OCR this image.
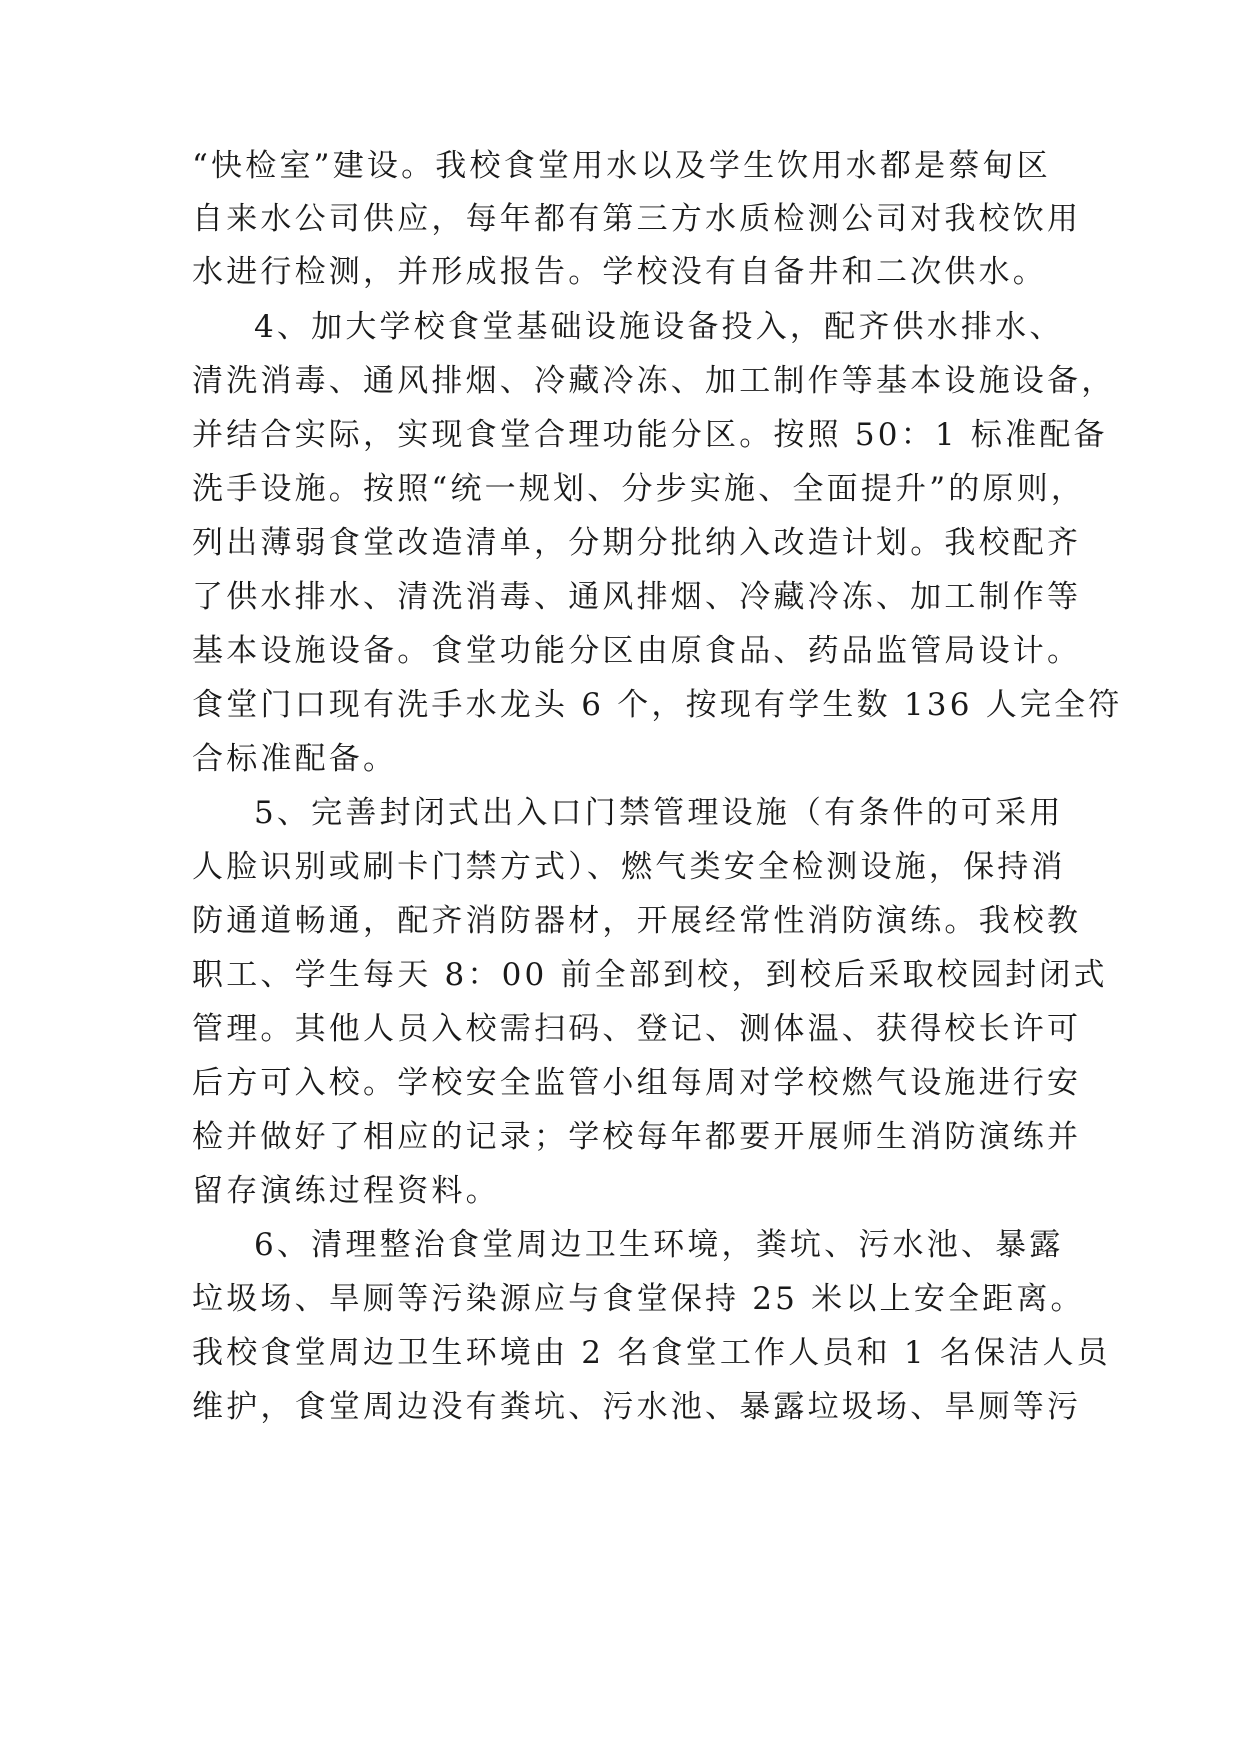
“快检室”建设。我校食堂用水以及学生饮用水都是蔡甸区
自来水公司供应，每年都有第三方水质检测公司对我校饮用
水进行检测，并形成报告。学校没有自备井和二次供水。
4、加大学校食堂基础设施设备投入，配齐供水排水、
清洗消毒、通风排烟、冷藏冷冻、加工制作等基本设施设备，
并结合实际，实现食堂合理功能分区。按照 50：1 标准配备
洗手设施。按照“统一规划、分步实施、全面提升”的原则，
列出薄弱食堂改造清单，分期分批纳入改造计划。我校配齐
了供水排水、清洗消毒、通风排烟、冷藏冷冻、加工制作等
基本设施设备。食堂功能分区由原食品、药品监管局设计。
食堂门口现有洗手水龙头 6 个，按现有学生数 136 人完全符
合标准配备。
5、完善封闭式出入口门禁管理设施（有条件的可采用
人脸识别或刷卡门禁方式）、燃气类安全检测设施，保持消
防通道畅通，配齐消防器材，开展经常性消防演练。我校教
职工、学生每天 8：00 前全部到校，到校后采取校园封闭式
管理。其他人员入校需扫码、登记、测体温、获得校长许可
后方可入校。学校安全监管小组每周对学校燃气设施进行安
检并做好了相应的记录；学校每年都要开展师生消防演练并
留存演练过程资料。
6、清理整治食堂周边卫生环境，粪坑、污水池、暴露
垃圾场、旱厕等污染源应与食堂保持 25 米以上安全距离。
我校食堂周边卫生环境由 2 名食堂工作人员和 1 名保洁人员
维护，食堂周边没有粪坑、污水池、暴露垃圾场、旱厕等污
